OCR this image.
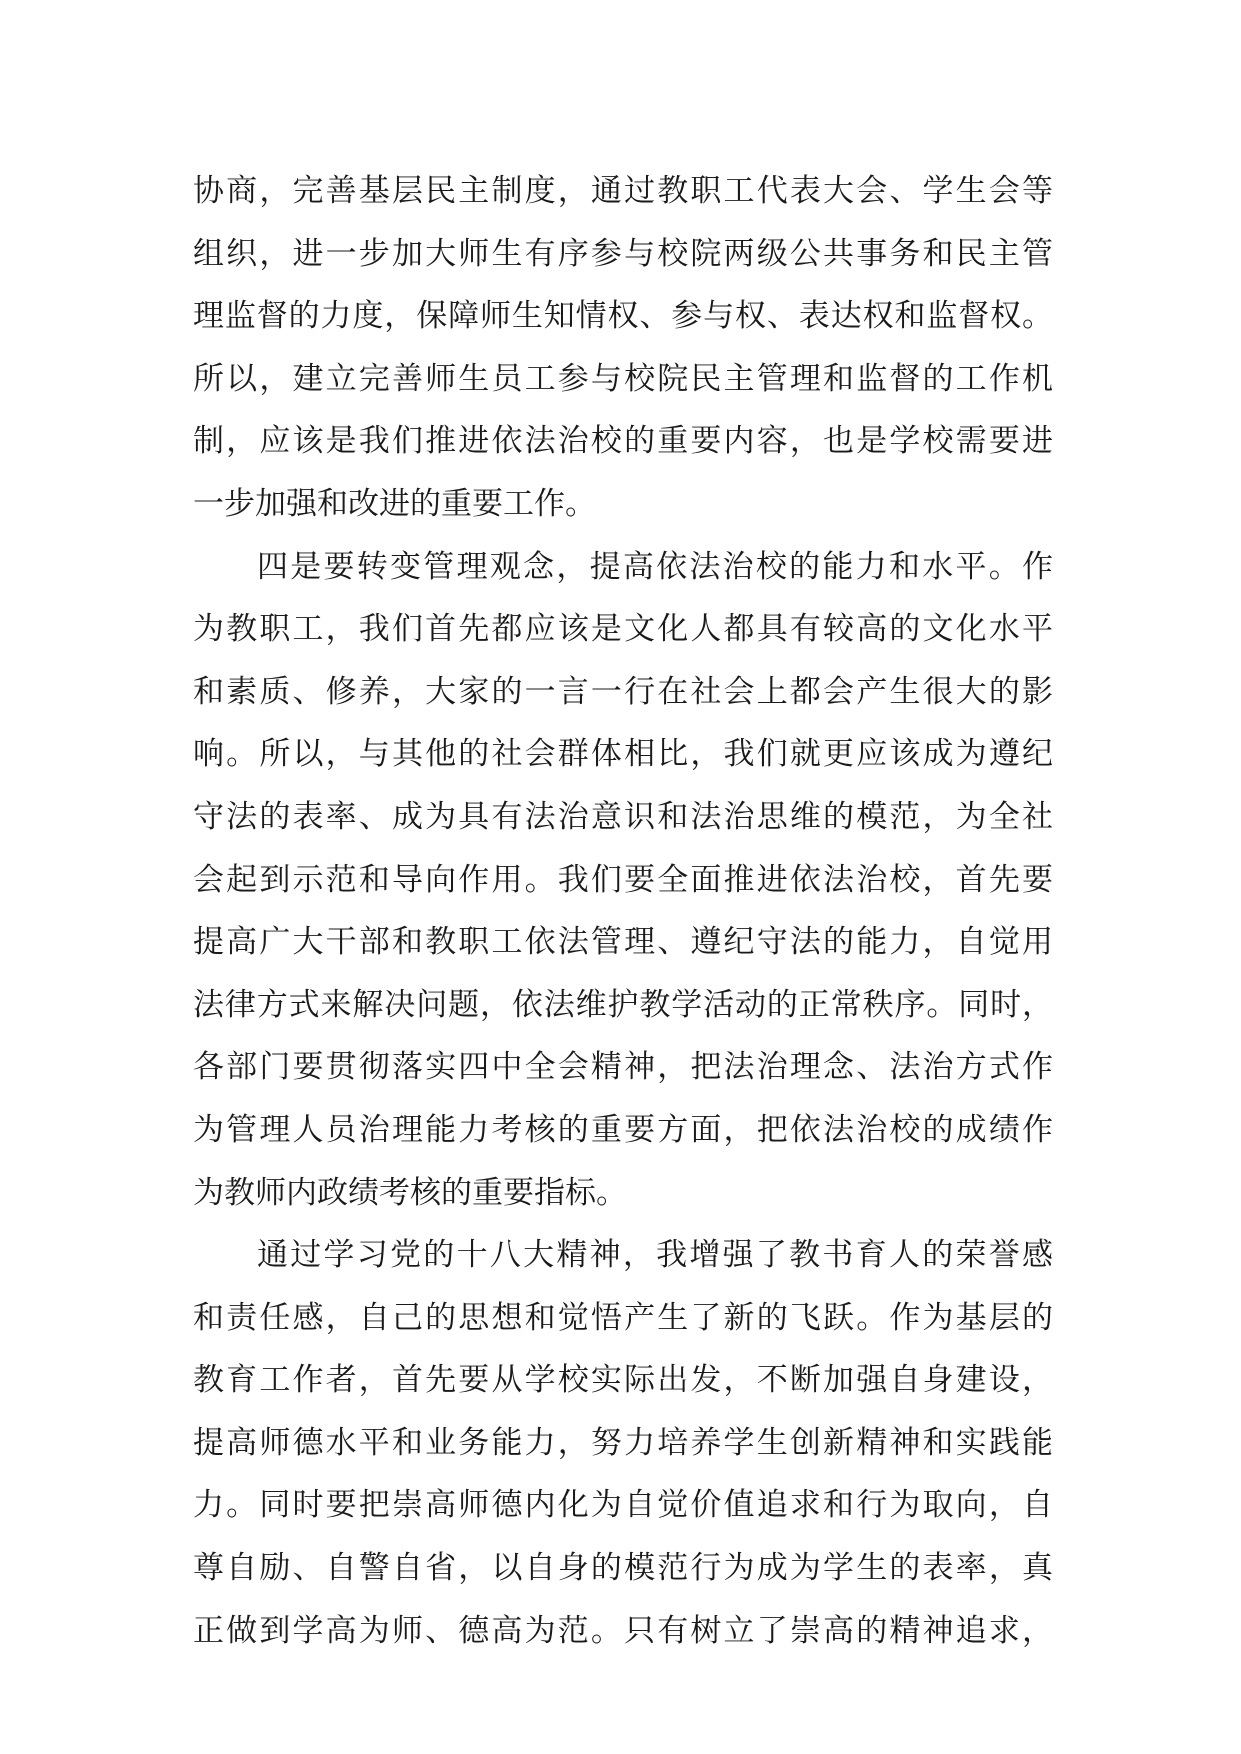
协商，完善基层民主制度，通过教职工代表大会、学生会等
组织，进一步加大师生有序参与校院两级公共事务和民主管
理监督的力度，保障师生知情权、参与权、表达权和监督权。
所以，建立完善师生员工参与校院民主管理和监督的工作机
制，应该是我们推进依法治校的重要内容，也是学校需要进
一步加强和改进的重要工作。
四是要转变管理观念，提高依法治校的能力和水平。作
为教职工，我们首先都应该是文化人都具有较高的文化水平
和素质、修养，大家的一言一行在社会上都会产生很大的影
响。所以，与其他的社会群体相比，我们就更应该成为遵纪
守法的表率、成为具有法治意识和法治思维的模范，为全社
会起到示范和导向作用。我们要全面推进依法治校，首先要
提高广大干部和教职工依法管理、遵纪守法的能力，自觉用
法律方式来解决问题，依法维护教学活动的正常秩序。同时，
各部门要贯彻落实四中全会精神，把法治理念、法治方式作
为管理人员治理能力考核的重要方面，把依法治校的成绩作
为教师内政绩考核的重要指标。
通过学习党的十八大精神，我增强了教书育人的荣誉感
和责任感，自己的思想和觉悟产生了新的飞跃。作为基层的
教育工作者，首先要从学校实际出发，不断加强自身建设，
提高师德水平和业务能力，努力培养学生创新精神和实践能
力。同时要把崇高师德内化为自觉价值追求和行为取向，自
尊自励、自警自省，以自身的模范行为成为学生的表率，真
正做到学高为师、德高为范。只有树立了崇高的精神追求，
